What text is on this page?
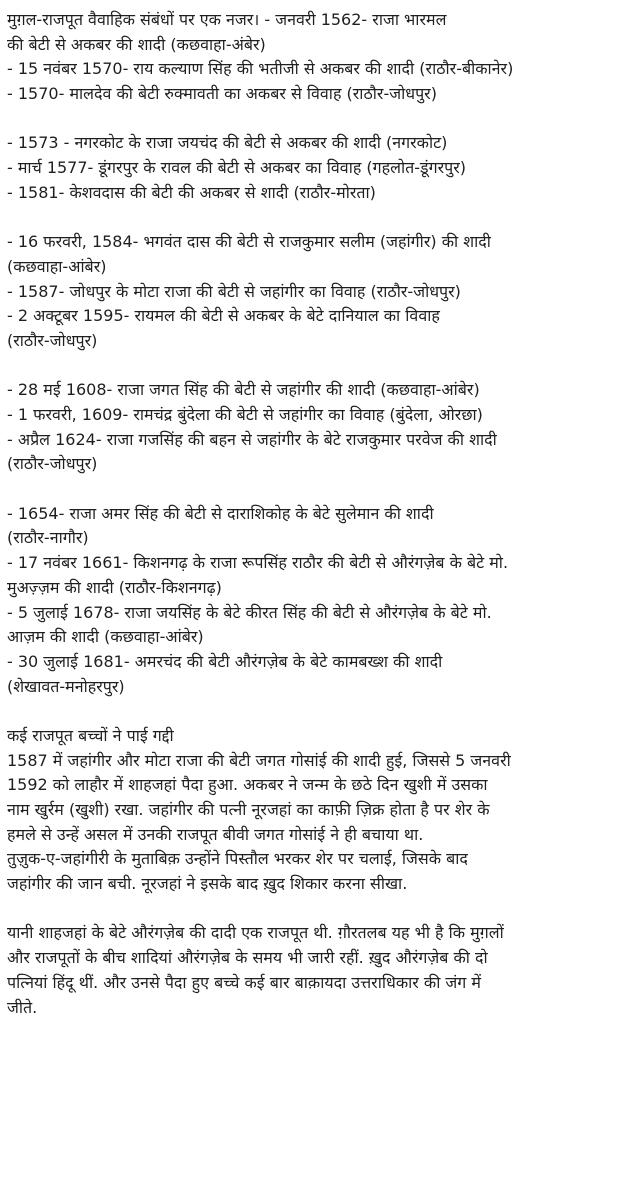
मुग़ल-राजपूत वैवाहिक संबंधों पर एक नजर। - जनवरी 1562- राजा भारमल
की बेटी से अकबर की शादी (कछवाहा-अंबेर)
- 15 नवंबर 1570- राय कल्याण सिंह की भतीजी से अकबर की शादी (राठौर-बीकानेर)
- 1570- मालदेव की बेटी रुक्मावती का अकबर से विवाह (राठौर-जोधपुर)
- 1573 - नगरकोट के राजा जयचंद की बेटी से अकबर की शादी (नगरकोट)
- मार्च 1577- डूंगरपुर के रावल की बेटी से अकबर का विवाह (गहलोत-डूंगरपुर)
- 1581- केशवदास की बेटी की अकबर से शादी (राठौर-मोरता)
- 16 फरवरी, 1584- भगवंत दास की बेटी से राजकुमार सलीम (जहांगीर) की शादी
(कछवाहा-आंबेर)
- 1587- जोधपुर के मोटा राजा की बेटी से जहांगीर का विवाह (राठौर-जोधपुर)
- 2 अक्टूबर 1595- रायमल की बेटी से अकबर के बेटे दानियाल का विवाह
(राठौर-जोधपुर)
- 28 मई 1608- राजा जगत सिंह की बेटी से जहांगीर की शादी (कछवाहा-आंबेर)
- 1 फरवरी, 1609- रामचंद्र बुंदेला की बेटी से जहांगीर का विवाह (बुंदेला, ओरछा)
- अप्रैल 1624- राजा गजसिंह की बहन से जहांगीर के बेटे राजकुमार परवेज की शादी
(राठौर-जोधपुर)
- 1654- राजा अमर सिंह की बेटी से दाराशिकोह के बेटे सुलेमान की शादी
(राठौर-नागौर)
- 17 नवंबर 1661- किशनगढ़ के राजा रूपसिंह राठौर की बेटी से औरंगज़ेब के बेटे मो.
मुअज़्ज़म की शादी (राठौर-किशनगढ़)
- 5 जुलाई 1678- राजा जयसिंह के बेटे कीरत सिंह की बेटी से औरंगज़ेब के बेटे मो.
आज़म की शादी (कछवाहा-आंबेर)
- 30 जुलाई 1681- अमरचंद की बेटी औरंगज़ेब के बेटे कामबख्श की शादी
(शेखावत-मनोहरपुर)
कई राजपूत बच्चों ने पाई गद्दी
1587 में जहांगीर और मोटा राजा की बेटी जगत गोसांई की शादी हुई, जिससे 5 जनवरी
1592 को लाहौर में शाहजहां पैदा हुआ. अकबर ने जन्म के छठे दिन खुशी में उसका
नाम खुर्रम (खुशी) रखा. जहांगीर की पत्नी नूरजहां का काफ़ी ज़िक्र होता है पर शेर के
हमले से उन्हें असल में उनकी राजपूत बीवी जगत गोसांई ने ही बचाया था.
तुज़ुक-ए-जहांगीरी के मुताबिक़ उन्होंने पिस्तौल भरकर शेर पर चलाई, जिसके बाद
जहांगीर की जान बची. नूरजहां ने इसके बाद ख़ुद शिकार करना सीखा.
यानी शाहजहां के बेटे औरंगज़ेब की दादी एक राजपूत थी. ग़ौरतलब यह भी है कि मुग़लों
और राजपूतों के बीच शादियां औरंगज़ेब के समय भी जारी रहीं. ख़ुद औरंगज़ेब की दो
पत्नियां हिंदू थीं. और उनसे पैदा हुए बच्चे कई बार बाक़ायदा उत्तराधिकार की जंग में
जीते.
